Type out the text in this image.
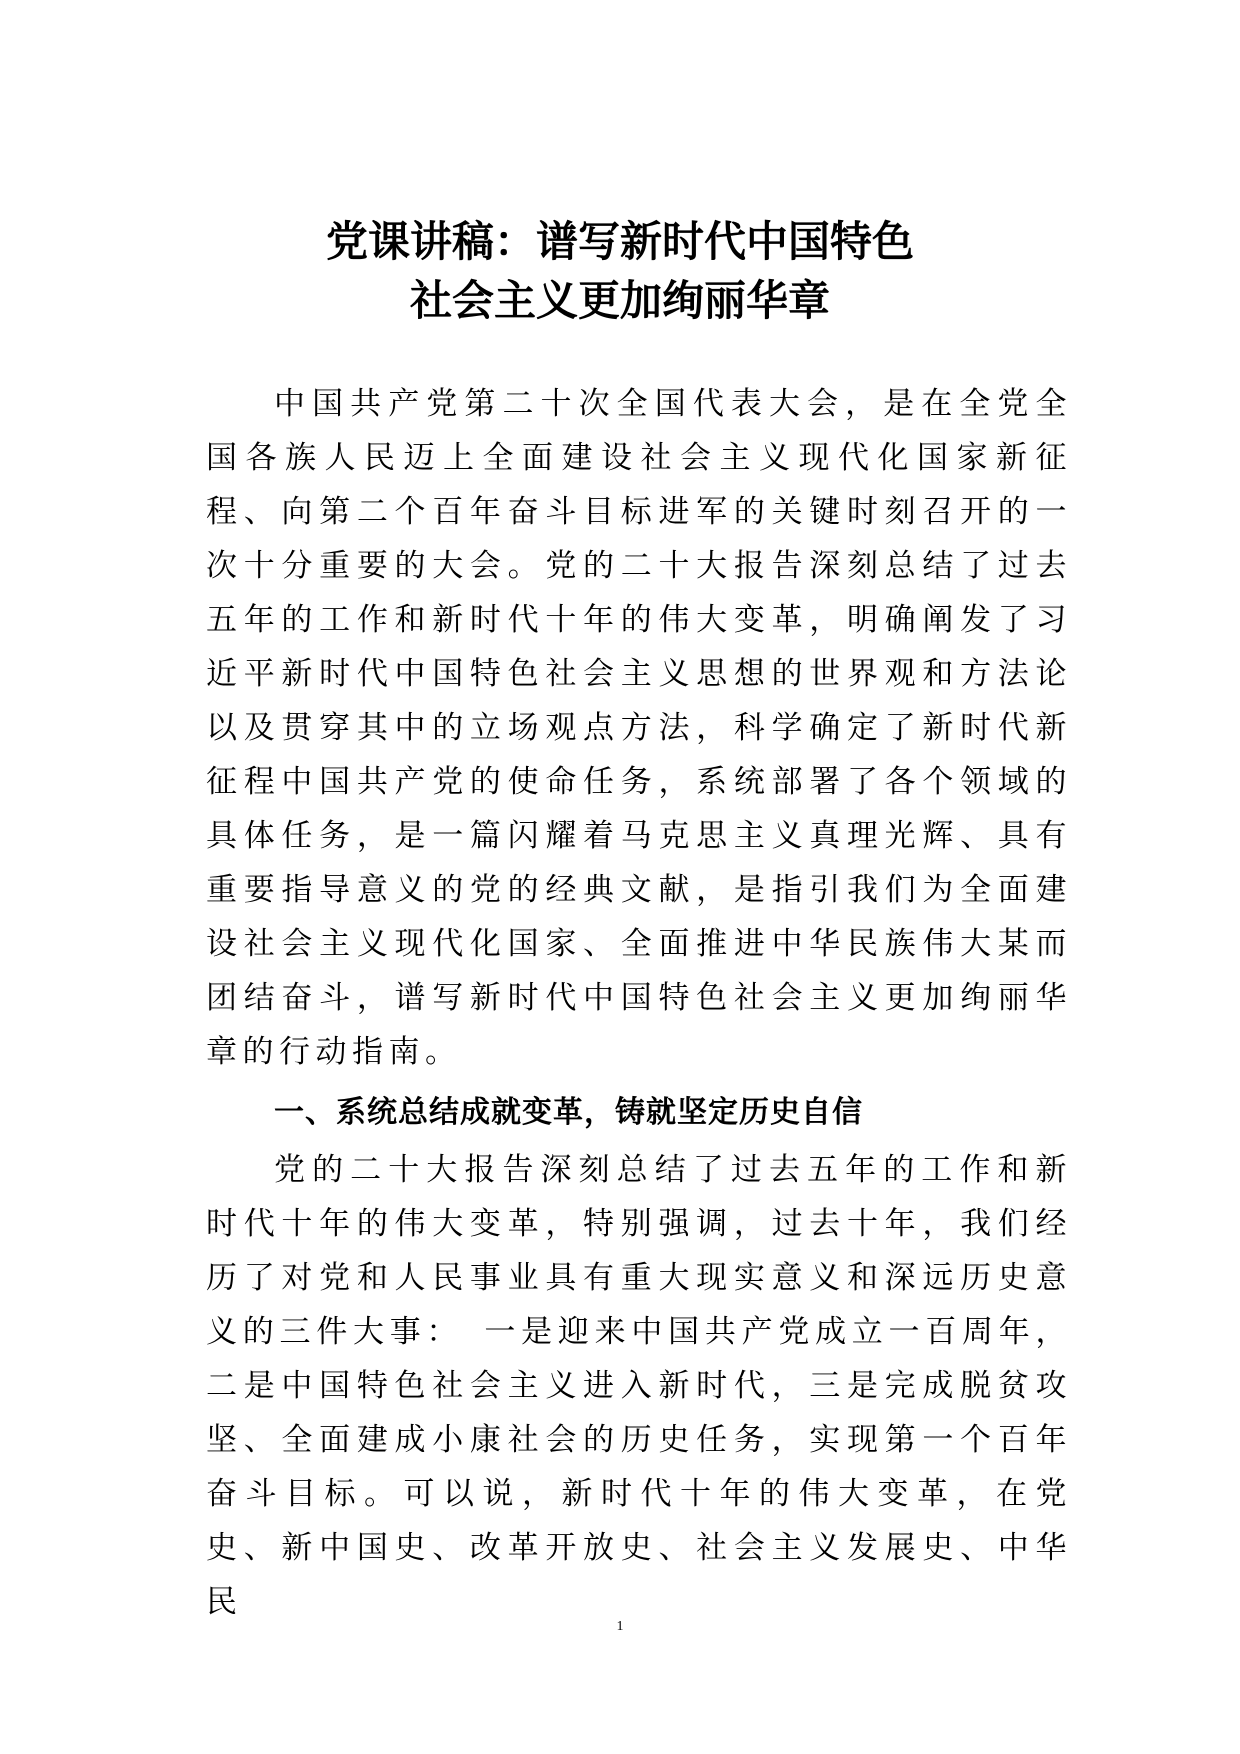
党课讲稿：谱写新时代中国特色
社会主义更加绚丽华章

中国共产党第二十次全国代表大会，是在全党全国各族人民迈上全面建设社会主义现代化国家新征程、向第二个百年奋斗目标进军的关键时刻召开的一次十分重要的大会。党的二十大报告深刻总结了过去五年的工作和新时代十年的伟大变革，明确阐发了习近平新时代中国特色社会主义思想的世界观和方法论以及贯穿其中的立场观点方法，科学确定了新时代新征程中国共产党的使命任务，系统部署了各个领域的具体任务，是一篇闪耀着马克思主义真理光辉、具有重要指导意义的党的经典文献，是指引我们为全面建设社会主义现代化国家、全面推进中华民族伟大某而团结奋斗，谱写新时代中国特色社会主义更加绚丽华章的行动指南。

一、系统总结成就变革，铸就坚定历史自信

党的二十大报告深刻总结了过去五年的工作和新时代十年的伟大变革，特别强调，过去十年，我们经历了对党和人民事业具有重大现实意义和深远历史意义的三件大事：　一是迎来中国共产党成立一百周年，二是中国特色社会主义进入新时代，三是完成脱贫攻坚、全面建成小康社会的历史任务，实现第一个百年奋斗目标。可以说，新时代十年的伟大变革，在党史、新中国史、改革开放史、社会主义发展史、中华民

1
